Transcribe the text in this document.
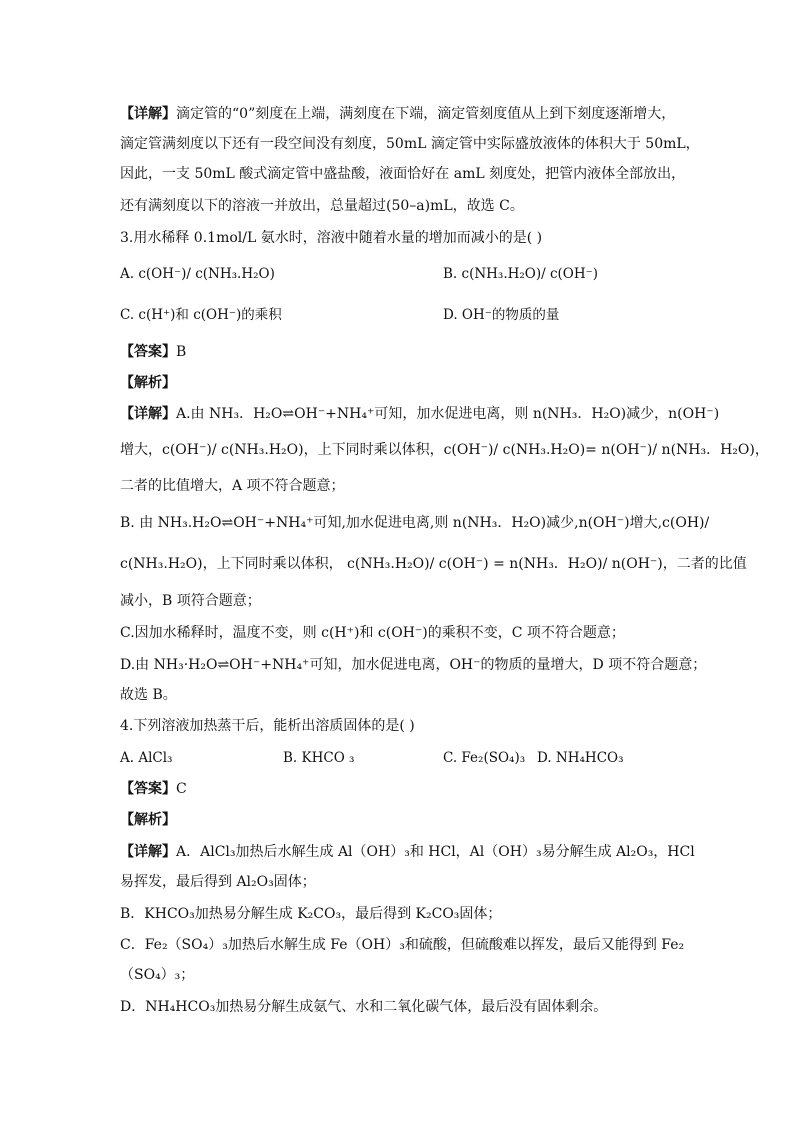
【详解】滴定管的“0”刻度在上端，满刻度在下端，滴定管刻度值从上到下刻度逐渐增大，
滴定管满刻度以下还有一段空间没有刻度，50mL 滴定管中实际盛放液体的体积大于 50mL，
因此，一支 50mL 酸式滴定管中盛盐酸，液面恰好在 amL 刻度处，把管内液体全部放出，
还有满刻度以下的溶液一并放出，总量超过(50–a)mL，故选 C。
3.用水稀释 0.1mol/L 氨水时，溶液中随着水量的增加而减小的是( )
A. c(OH⁻)/ c(NH₃.H₂O)	B. c(NH₃.H₂O)/ c(OH⁻)
C. c(H⁺)和 c(OH⁻)的乘积	D. OH⁻的物质的量
【答案】B
【解析】
【详解】A.由 NH₃．H₂O⇌OH⁻+NH₄⁺可知，加水促进电离，则 n(NH₃．H₂O)减少，n(OH⁻)
增大，c(OH⁻)/ c(NH₃.H₂O)，上下同时乘以体积，c(OH⁻)/ c(NH₃.H₂O)= n(OH⁻)/ n(NH₃．H₂O)，
二者的比值增大，A 项不符合题意；
B. 由 NH₃.H₂O⇌OH⁻+NH₄⁺可知,加水促进电离,则 n(NH₃．H₂O)减少,n(OH⁻)增大,c(OH)/
c(NH₃.H₂O)，上下同时乘以体积， c(NH₃.H₂O)/ c(OH⁻) = n(NH₃．H₂O)/ n(OH⁻)，二者的比值
减小，B 项符合题意；
C.因加水稀释时，温度不变，则 c(H⁺)和 c(OH⁻)的乘积不变，C 项不符合题意；
D.由 NH₃·H₂O⇌OH⁻+NH₄⁺可知，加水促进电离，OH⁻的物质的量增大，D 项不符合题意；
故选 B。
4.下列溶液加热蒸干后，能析出溶质固体的是( )
A. AlCl₃	B. KHCO ₃	C. Fe₂(SO₄)₃ D. NH₄HCO₃
【答案】C
【解析】
【详解】A．AlCl₃加热后水解生成 Al（OH）₃和 HCl，Al（OH）₃易分解生成 Al₂O₃，HCl
易挥发，最后得到 Al₂O₃固体；
B．KHCO₃加热易分解生成 K₂CO₃，最后得到 K₂CO₃固体；
C．Fe₂（SO₄）₃加热后水解生成 Fe（OH）₃和硫酸，但硫酸难以挥发，最后又能得到 Fe₂
（SO₄）₃；
D．NH₄HCO₃加热易分解生成氨气、水和二氧化碳气体，最后没有固体剩余。
